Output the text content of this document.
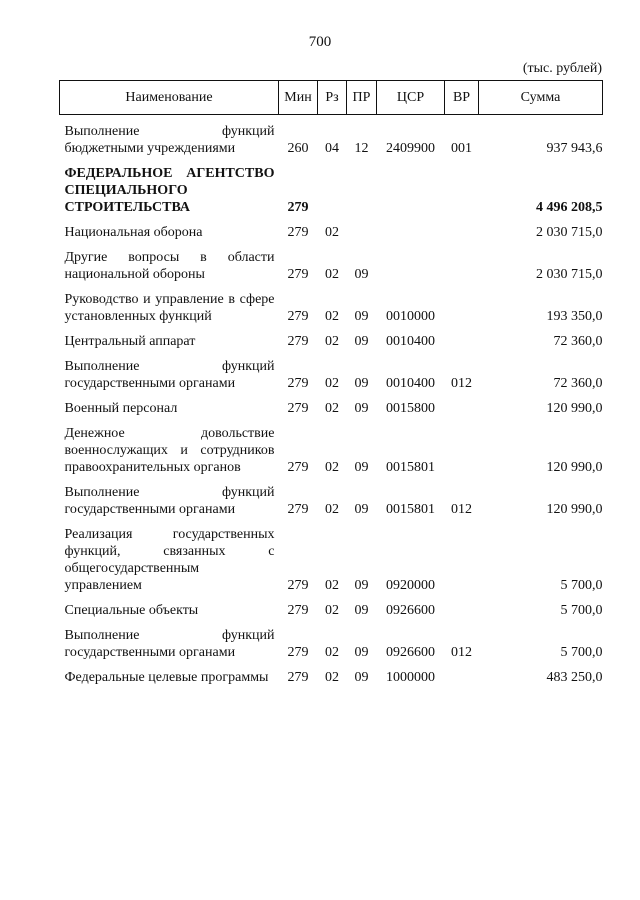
700
(тыс. рублей)
Наименование	Мин	Рз	ПР	ЦСР	ВР	Сумма

Выполнение функций бюджетными учреждениями	260	04	12	2409900	001	937 943,6

ФЕДЕРАЛЬНОЕ АГЕНТСТВО СПЕЦИАЛЬНОГО СТРОИТЕЛЬСТВА	279					4 496 208,5

Национальная оборона	279	02				2 030 715,0

Другие вопросы в области национальной обороны	279	02	09			2 030 715,0

Руководство и управление в сфере установленных функций	279	02	09	0010000		193 350,0

Центральный аппарат	279	02	09	0010400		72 360,0

Выполнение функций государственными органами	279	02	09	0010400	012	72 360,0

Военный персонал	279	02	09	0015800		120 990,0

Денежное довольствие военнослужащих и сотрудников правоохранительных органов	279	02	09	0015801		120 990,0

Выполнение функций государственными органами	279	02	09	0015801	012	120 990,0

Реализация государственных функций, связанных с общегосударственным управлением	279	02	09	0920000		5 700,0

Специальные объекты	279	02	09	0926600		5 700,0

Выполнение функций государственными органами	279	02	09	0926600	012	5 700,0

Федеральные целевые программы	279	02	09	1000000		483 250,0
